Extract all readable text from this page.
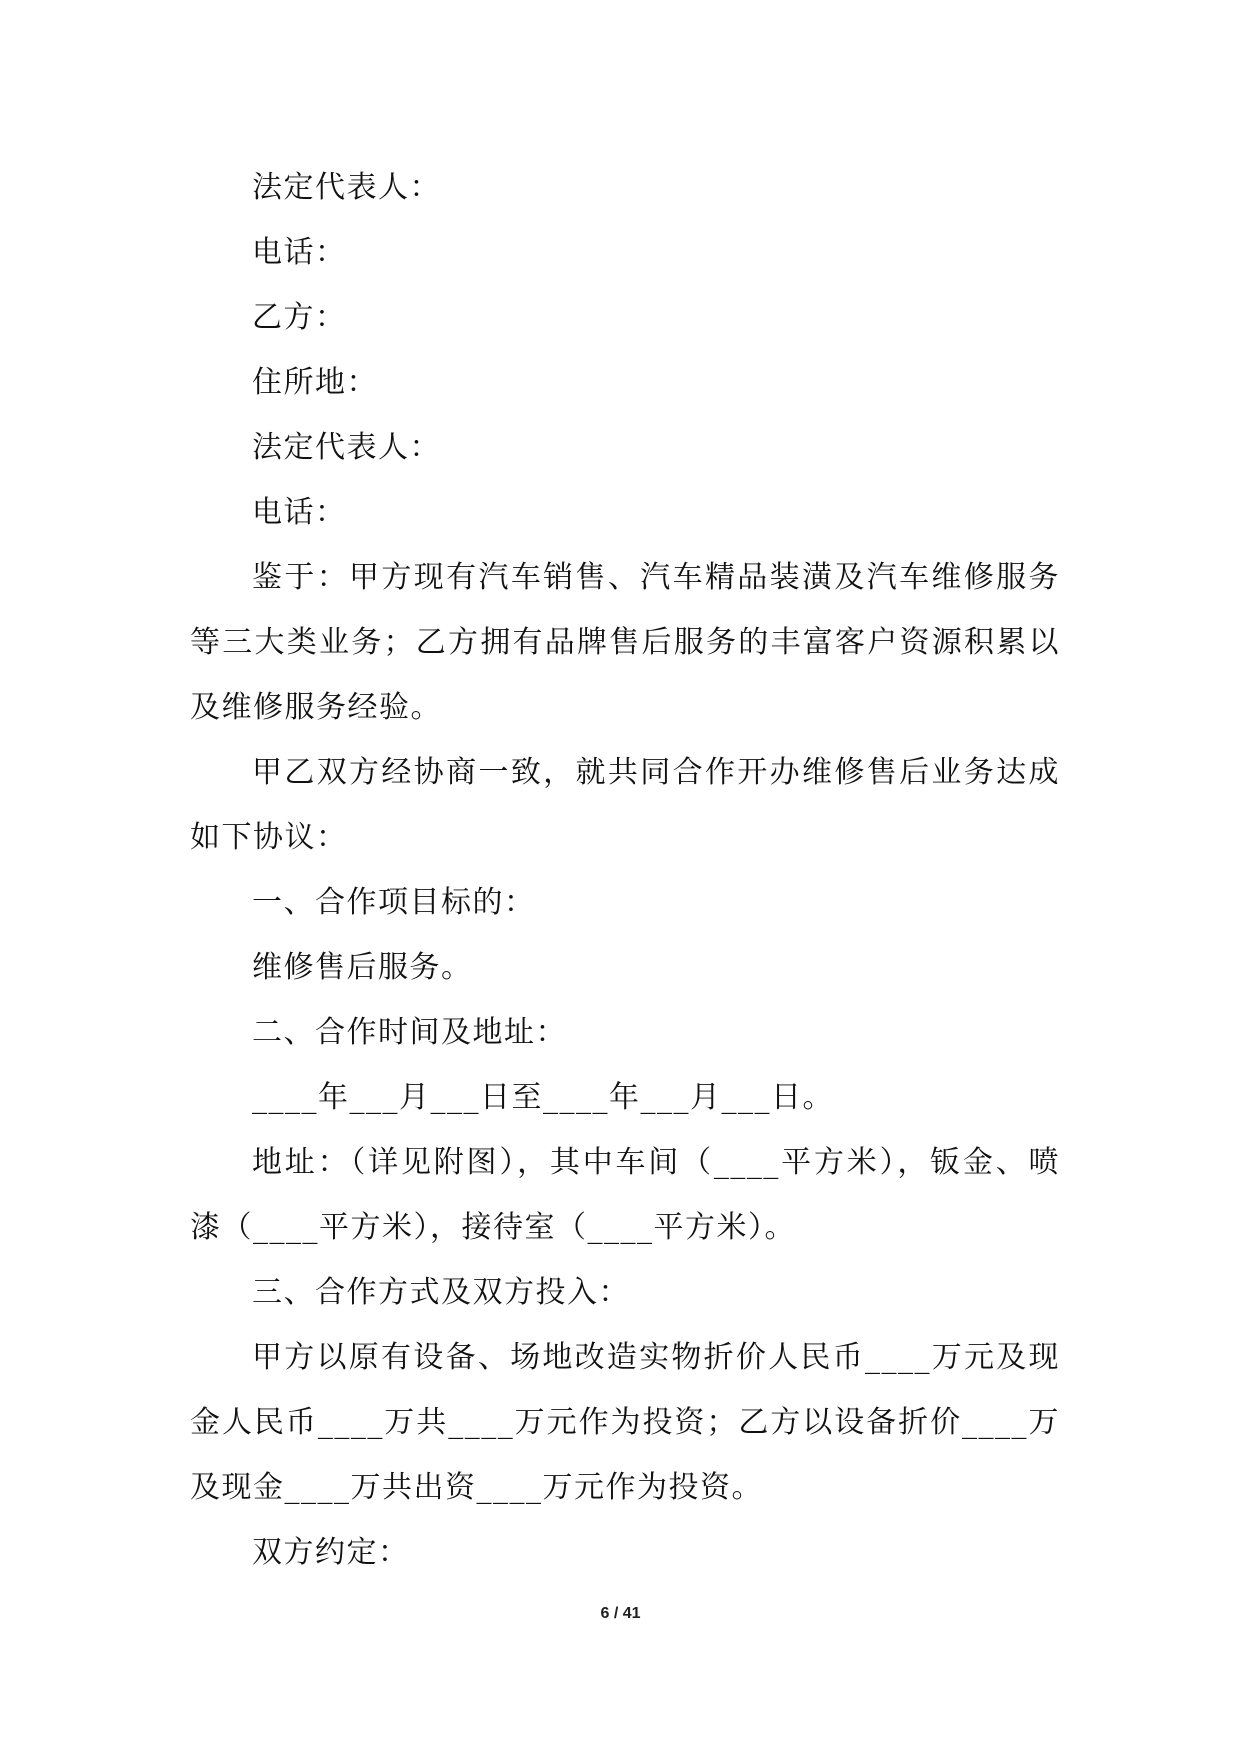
法定代表人：

电话：

乙方：

住所地：

法定代表人：

电话：

鉴于：甲方现有汽车销售、汽车精品装潢及汽车维修服务等三大类业务；乙方拥有品牌售后服务的丰富客户资源积累以及维修服务经验。

甲乙双方经协商一致，就共同合作开办维修售后业务达成如下协议：

一、合作项目标的：

维修售后服务。

二、合作时间及地址：

____年___月___日至____年___月___日。

地址：（详见附图），其中车间（____平方米），钣金、喷漆（____平方米），接待室（____平方米）。

三、合作方式及双方投入：

甲方以原有设备、场地改造实物折价人民币____万元及现金人民币____万共____万元作为投资；乙方以设备折价____万及现金____万共出资____万元作为投资。

双方约定：

6 / 41
